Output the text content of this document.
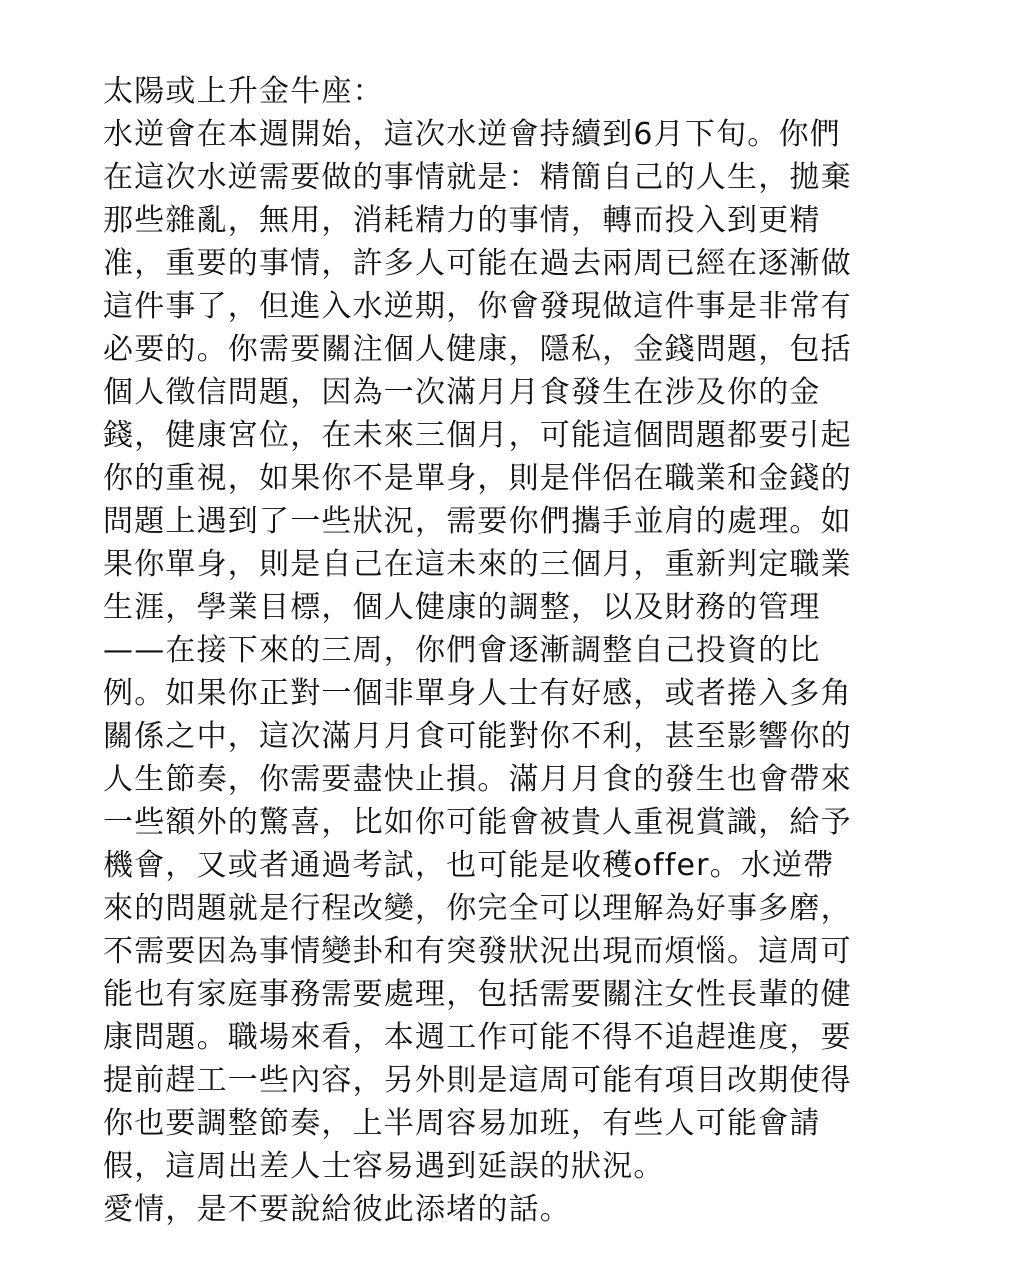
太陽或上升金牛座：
水逆會在本週開始，這次水逆會持續到6月下旬。你們
在這次水逆需要做的事情就是：精簡自己的人生，拋棄
那些雜亂，無用，消耗精力的事情，轉而投入到更精
准，重要的事情，許多人可能在過去兩周已經在逐漸做
這件事了，但進入水逆期，你會發現做這件事是非常有
必要的。你需要關注個人健康，隱私，金錢問題，包括
個人徵信問題，因為一次滿月月食發生在涉及你的金
錢，健康宮位，在未來三個月，可能這個問題都要引起
你的重視，如果你不是單身，則是伴侶在職業和金錢的
問題上遇到了一些狀況，需要你們攜手並肩的處理。如
果你單身，則是自己在這未來的三個月，重新判定職業
生涯，學業目標，個人健康的調整，以及財務的管理
——在接下來的三周，你們會逐漸調整自己投資的比
例。如果你正對一個非單身人士有好感，或者捲入多角
關係之中，這次滿月月食可能對你不利，甚至影響你的
人生節奏，你需要盡快止損。滿月月食的發生也會帶來
一些額外的驚喜，比如你可能會被貴人重視賞識，給予
機會，又或者通過考試，也可能是收穫offer。水逆帶
來的問題就是行程改變，你完全可以理解為好事多磨，
不需要因為事情變卦和有突發狀況出現而煩惱。這周可
能也有家庭事務需要處理，包括需要關注女性長輩的健
康問題。職場來看，本週工作可能不得不追趕進度，要
提前趕工一些內容，另外則是這周可能有項目改期使得
你也要調整節奏，上半周容易加班，有些人可能會請
假，這周出差人士容易遇到延誤的狀況。
愛情，是不要說給彼此添堵的話。
